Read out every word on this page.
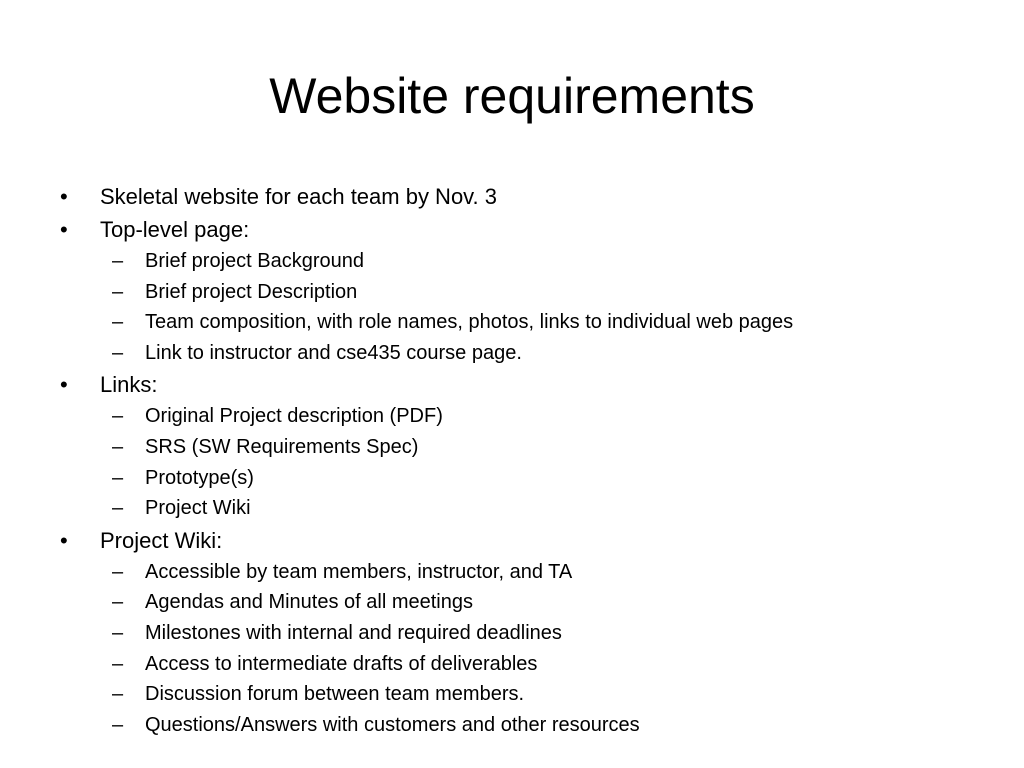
Website requirements
•	Skeletal website for each team by Nov. 3
•	Top-level page:
–	Brief project Background
–	Brief project Description
–	Team composition, with role names, photos, links to individual web pages
–	Link to instructor and cse435 course page.
•	Links:
–	Original Project description (PDF)
–	SRS (SW Requirements Spec)
–	Prototype(s)
–	Project Wiki
•	Project Wiki:
–	Accessible by team members, instructor, and TA
–	Agendas and Minutes of all meetings
–	Milestones with internal and required deadlines
–	Access to intermediate drafts of deliverables
–	Discussion forum between team members.
–	Questions/Answers with customers and other resources
